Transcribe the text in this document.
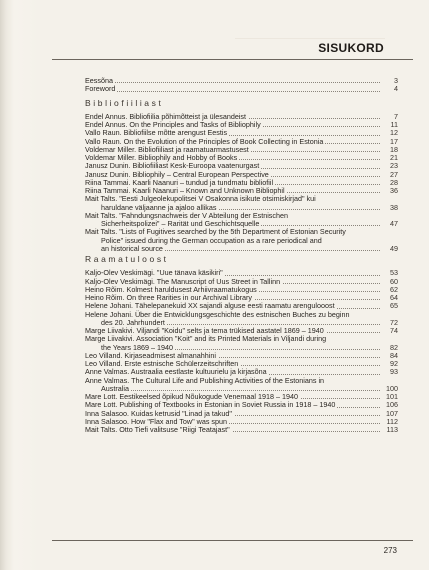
SISUKORD
Eessõna	3
Foreword	4
Bibliofiiliast
Endel Annus. Bibliofiilia põhimõtteist ja ülesandeist	7
Endel Annus. On the Principles and Tasks of Bibliophily	11
Vallo Raun. Bibliofiilse mõtte arengust Eestis	12
Vallo Raun. On the Evolution of the Principles of Book Collecting in Estonia	17
Voldemar Miller. Bibliofiiliast ja raamatuarmastusest	18
Voldemar Miller. Bibliophily and Hobby of Books	21
Janusz Dunin. Bibliofiiliast Kesk-Euroopa vaatenurgast	23
Janusz Dunin. Bibliophily – Central European Perspective	27
Riina Tammai. Kaarli Naanuri – tundud ja tundmatu bibliofiil	28
Riina Tammai. Kaarli Naanuri – Known and Unknown Bibliophil	36
Mait Talts. "Eesti Julgeolekupolitsei V Osakonna isikute otsimiskirjad" kui
haruldane väljaanne ja ajaloo allikas	38
Mait Talts. "Fahndungsnachweis der V Abteilung der Estnischen
Sicherheitspolizei" – Rarität und Geschichtsquelle	47
Mait Talts. "Lists of Fugitives searched by the 5th Department of Estonian Security
Police" issued during the German occupation as a rare periodical and
an historical source	49
Raamatuloost
Kaljo-Olev Veskimägi. "Uue tänava käsikiri"	53
Kaljo-Olev Veskimägi. The Manuscript of Uus Street in Tallinn	60
Heino Rõim. Kolmest haruldusest Arhiivraamatukogus	62
Heino Rõim. On three Rarities in our Archival Library	64
Helene Johani. Tähelepanekuid XX sajandi alguse eesti raamatu arengulooost	65
Helene Johani. Über die Entwicklungsgeschichte des estnischen Buches zu beginn
des 20. Jahrhundert	72
Marge Liivakivi. Viljandi "Koidu" selts ja tema trükised aastatel 1869 – 1940	74
Marge Liivakivi. Association "Koit" and its Printed Materials in Viljandi during
the Years 1869 – 1940	82
Leo Villand. Kirjaseadmisest almanahhini	84
Leo Villand. Erste estnische Schülerzeitschriften	92
Anne Valmas. Austraalia eestlaste kultuurielu ja kirjasõna	93
Anne Valmas. The Cultural Life and Publishing Activities of the Estonians in
Australia	100
Mare Lott. Eestikeelsed õpikud Nõukogude Venemaal 1918 – 1940	101
Mare Lott. Publishing of Textbooks in Estonian in Soviet Russia in 1918 – 1940	106
Inna Salasoo. Kuidas ketrusid "Linad ja takud"	107
Inna Salasoo. How "Flax and Tow" was spun	112
Mait Talts. Otto Tiefi valitsuse "Riigi Teatajast"	113
273
